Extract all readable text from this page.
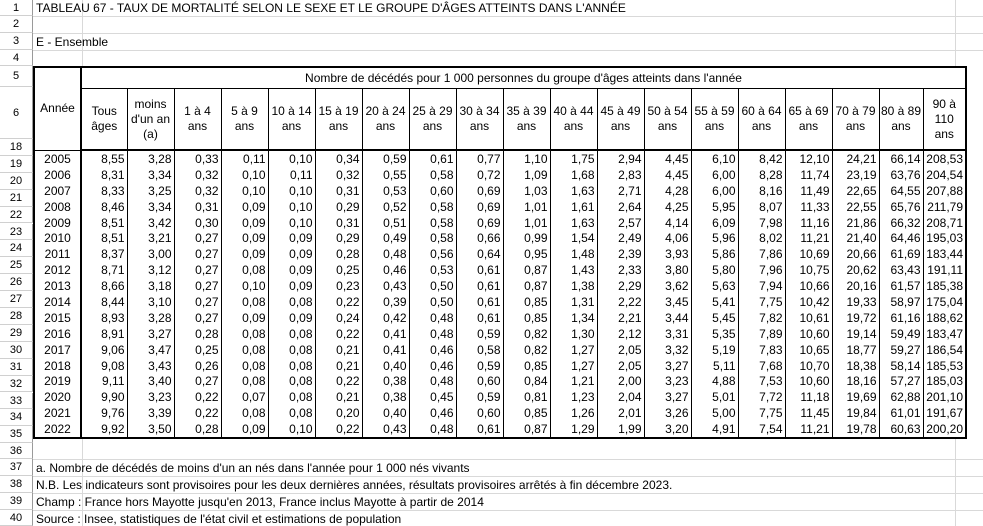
1
2
3
4
5
6
18
19
20
21
22
23
24
25
26
27
28
29
30
31
32
33
34
35
36
37
38
39
40
TABLEAU 67 - TAUX DE MORTALITÉ SELON LE SEXE ET LE GROUPE D'ÂGES ATTEINTS DANS L'ANNÉE
E - Ensemble
Année	Nombre de décédés pour 1 000 personnes du groupe d'âges atteints dans l'année																		
	Tous âges	moins d'un an (a)	1 à 4 ans	5 à 9 ans	10 à 14 ans	15 à 19 ans	20 à 24 ans	25 à 29 ans	30 à 34 ans	35 à 39 ans	40 à 44 ans	45 à 49 ans	50 à 54 ans	55 à 59 ans	60 à 64 ans	65 à 69 ans	70 à 79 ans	80 à 89 ans	90 à 110 ans
2005	8,55	3,28	0,33	0,11	0,10	0,34	0,59	0,61	0,77	1,10	1,75	2,94	4,45	6,10	8,42	12,10	24,21	66,14	208,53
2006	8,31	3,34	0,32	0,10	0,11	0,32	0,55	0,58	0,72	1,09	1,68	2,83	4,45	6,00	8,28	11,74	23,19	63,76	204,54
2007	8,33	3,25	0,32	0,10	0,10	0,31	0,53	0,60	0,69	1,03	1,63	2,71	4,28	6,00	8,16	11,49	22,65	64,55	207,88
2008	8,46	3,34	0,31	0,09	0,10	0,29	0,52	0,58	0,69	1,01	1,61	2,64	4,25	5,95	8,07	11,33	22,55	65,76	211,79
2009	8,51	3,42	0,30	0,09	0,10	0,31	0,51	0,58	0,69	1,01	1,63	2,57	4,14	6,09	7,98	11,16	21,86	66,32	208,71
2010	8,51	3,21	0,27	0,09	0,09	0,29	0,49	0,58	0,66	0,99	1,54	2,49	4,06	5,96	8,02	11,21	21,40	64,46	195,03
2011	8,37	3,00	0,27	0,09	0,09	0,28	0,48	0,56	0,64	0,95	1,48	2,39	3,93	5,86	7,86	10,69	20,66	61,69	183,44
2012	8,71	3,12	0,27	0,08	0,09	0,25	0,46	0,53	0,61	0,87	1,43	2,33	3,80	5,80	7,96	10,75	20,62	63,43	191,11
2013	8,66	3,18	0,27	0,10	0,09	0,23	0,43	0,50	0,61	0,87	1,38	2,29	3,62	5,63	7,94	10,66	20,16	61,57	185,38
2014	8,44	3,10	0,27	0,08	0,08	0,22	0,39	0,50	0,61	0,85	1,31	2,22	3,45	5,41	7,75	10,42	19,33	58,97	175,04
2015	8,93	3,28	0,27	0,09	0,09	0,24	0,42	0,48	0,61	0,85	1,34	2,21	3,44	5,45	7,82	10,61	19,72	61,16	188,62
2016	8,91	3,27	0,28	0,08	0,08	0,22	0,41	0,48	0,59	0,82	1,30	2,12	3,31	5,35	7,89	10,60	19,14	59,49	183,47
2017	9,06	3,47	0,25	0,08	0,08	0,21	0,41	0,46	0,58	0,82	1,27	2,05	3,32	5,19	7,83	10,65	18,77	59,27	186,54
2018	9,08	3,43	0,26	0,08	0,08	0,21	0,40	0,46	0,59	0,85	1,27	2,05	3,27	5,11	7,68	10,70	18,38	58,14	185,53
2019	9,11	3,40	0,27	0,08	0,08	0,22	0,38	0,48	0,60	0,84	1,21	2,00	3,23	4,88	7,53	10,60	18,16	57,27	185,03
2020	9,90	3,23	0,22	0,07	0,08	0,21	0,38	0,45	0,59	0,81	1,23	2,04	3,27	5,01	7,72	11,18	19,69	62,88	201,10
2021	9,76	3,39	0,22	0,08	0,08	0,20	0,40	0,46	0,60	0,85	1,26	2,01	3,26	5,00	7,75	11,45	19,84	61,01	191,67
2022	9,92	3,50	0,28	0,09	0,10	0,22	0,43	0,48	0,61	0,87	1,29	1,99	3,20	4,91	7,54	11,21	19,78	60,63	200,20
a. Nombre de décédés de moins d'un an nés dans l'année pour 1 000 nés vivants
N.B. Les indicateurs sont provisoires pour les deux dernières années, résultats provisoires arrêtés à fin décembre 2023.
Champ : France hors Mayotte jusqu'en 2013, France inclus Mayotte à partir de 2014
Source : Insee, statistiques de l'état civil et estimations de population
